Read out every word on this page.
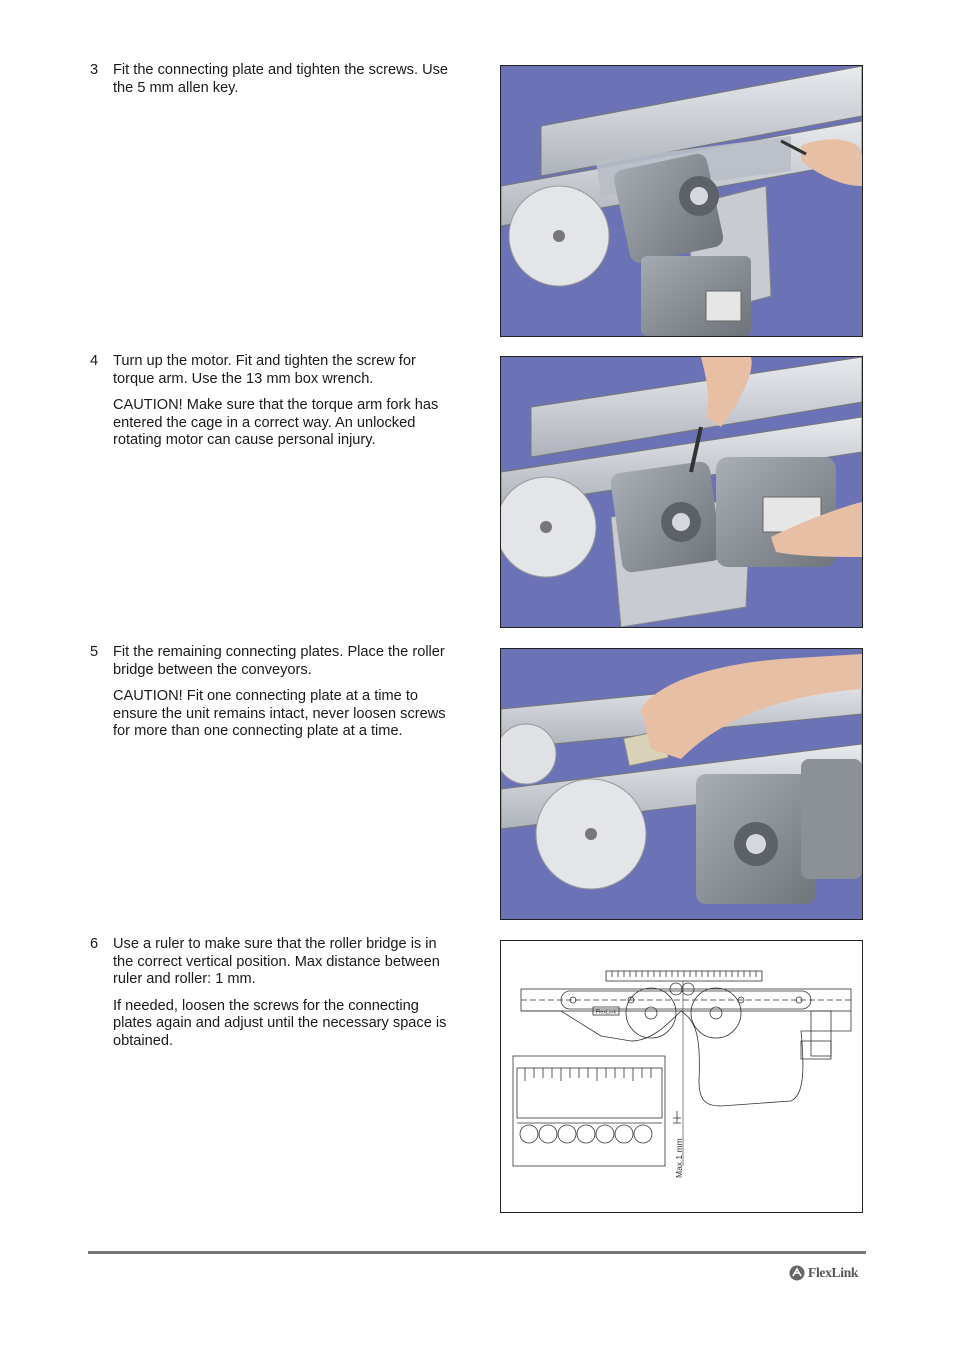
3 Fit the connecting plate and tighten the screws. Use the 5 mm allen key.

4 Turn up the motor. Fit and tighten the screw for torque arm. Use the 13 mm box wrench.

CAUTION! Make sure that the torque arm fork has entered the cage in a correct way. An unlocked rotating motor can cause personal injury.

5 Fit the remaining connecting plates. Place the roller bridge between the conveyors.

CAUTION! Fit one connecting plate at a time to ensure the unit remains intact, never loosen screws for more than one connecting plate at a time.

6 Use a ruler to make sure that the roller bridge is in the correct vertical position. Max distance between ruler and roller: 1 mm.

If needed, loosen the screws for the connecting plates again and adjust until the necessary space is obtained.

FlexLink
Max 1 mm
FlexLink
